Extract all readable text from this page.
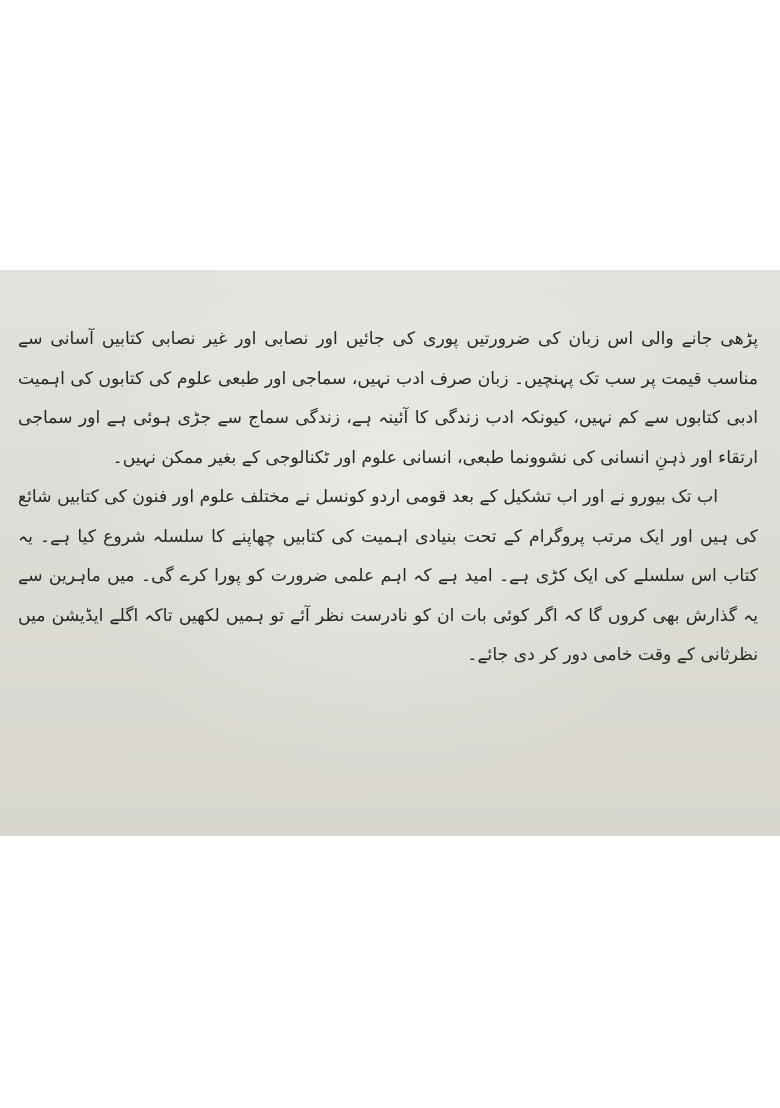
پڑھی جانے والی اس زبان کی ضرورتیں پوری کی جائیں اور نصابی اور غیر نصابی کتابیں آسانی سے مناسب قیمت پر سب تک پہنچیں۔ زبان صرف ادب نہیں، سماجی اور طبعی علوم کی کتابوں کی اہمیت ادبی کتابوں سے کم نہیں، کیونکہ ادب زندگی کا آئینہ ہے، زندگی سماج سے جڑی ہوئی ہے اور سماجی ارتقاء اور ذہنِ انسانی کی نشوونما طبعی، انسانی علوم اور ٹکنالوجی کے بغیر ممکن نہیں۔

اب تک بیورو نے اور اب تشکیل کے بعد قومی اردو کونسل نے مختلف علوم اور فنون کی کتابیں شائع کی ہیں اور ایک مرتب پروگرام کے تحت بنیادی اہمیت کی کتابیں چھاپنے کا سلسلہ شروع کیا ہے۔ یہ کتاب اس سلسلے کی ایک کڑی ہے۔ امید ہے کہ اہم علمی ضرورت کو پورا کرے گی۔ میں ماہرین سے یہ گذارش بھی کروں گا کہ اگر کوئی بات ان کو نادرست نظر آئے تو ہمیں لکھیں تاکہ اگلے ایڈیشن میں نظرثانی کے وقت خامی دور کر دی جائے۔
